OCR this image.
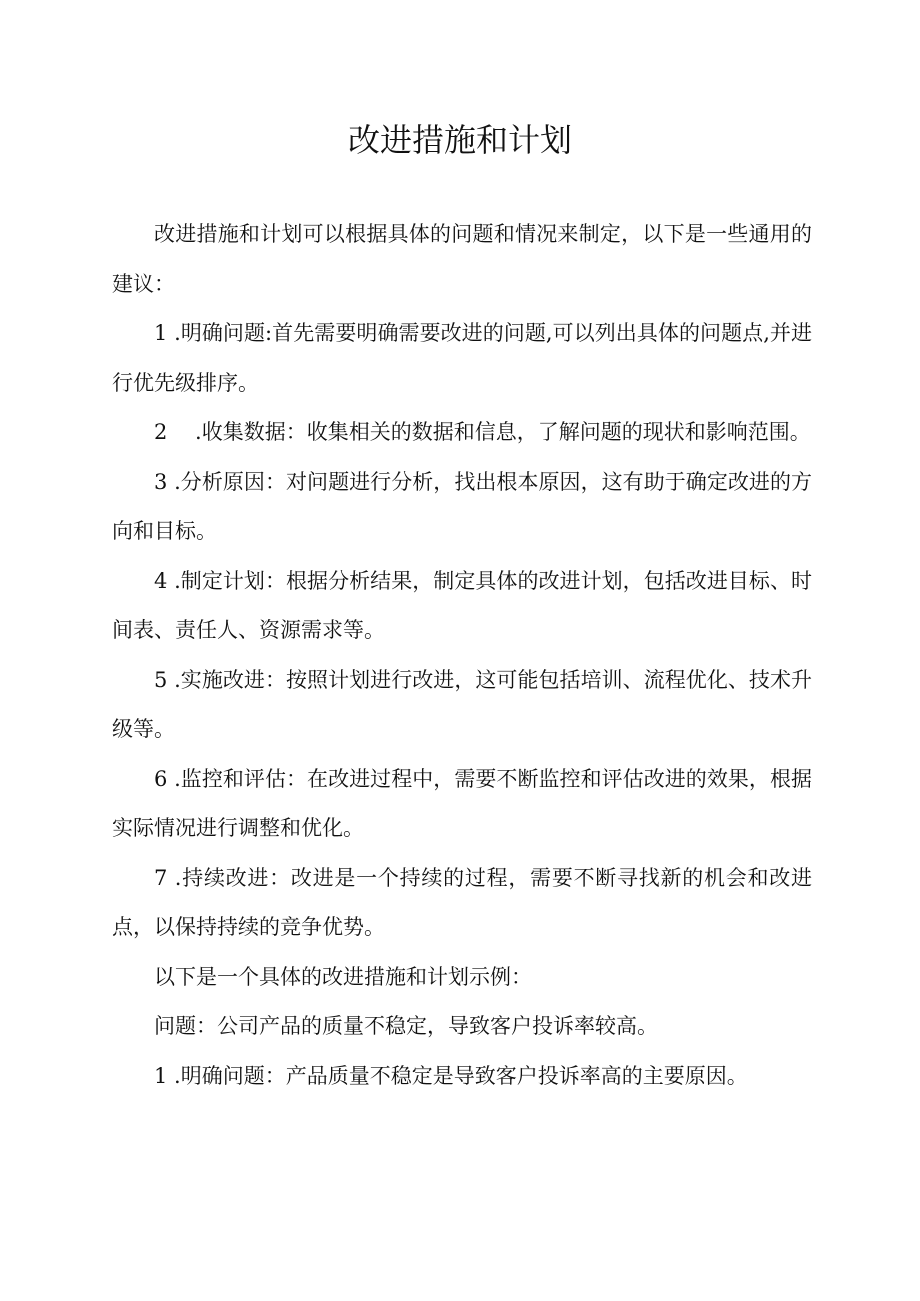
改进措施和计划

改进措施和计划可以根据具体的问题和情况来制定，以下是一些通用的建议：

1 .明确问题:首先需要明确需要改进的问题,可以列出具体的问题点,并进行优先级排序。

2 　.收集数据：收集相关的数据和信息，了解问题的现状和影响范围。

3 .分析原因：对问题进行分析，找出根本原因，这有助于确定改进的方向和目标。

4 .制定计划：根据分析结果，制定具体的改进计划，包括改进目标、时间表、责任人、资源需求等。

5 .实施改进：按照计划进行改进，这可能包括培训、流程优化、技术升级等。

6 .监控和评估：在改进过程中，需要不断监控和评估改进的效果，根据实际情况进行调整和优化。

7 .持续改进：改进是一个持续的过程，需要不断寻找新的机会和改进点，以保持持续的竞争优势。

以下是一个具体的改进措施和计划示例：

问题：公司产品的质量不稳定，导致客户投诉率较高。

1 .明确问题：产品质量不稳定是导致客户投诉率高的主要原因。
